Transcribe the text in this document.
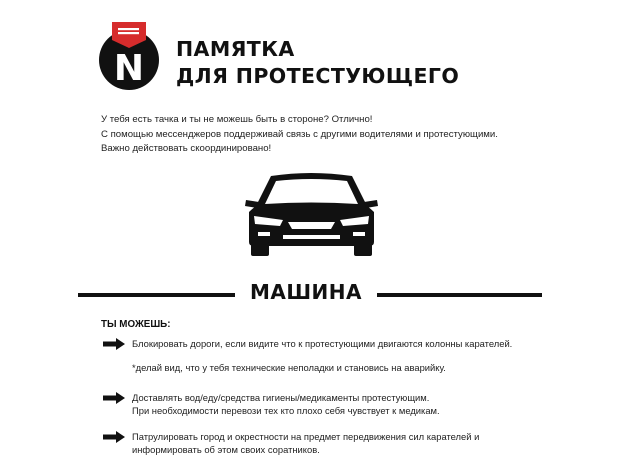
N ПАМЯТКА
ДЛЯ ПРОТЕСТУЮЩЕГО
У тебя есть тачка и ты не можешь быть в стороне? Отлично!
С помощью мессенджеров поддерживай связь с другими водителями и протестующими.
Важно действовать скоординировано!
МАШИНА
ТЫ МОЖЕШЬ:
Блокировать дороги, если видите что к протестующими двигаются колонны карателей.
*делай вид, что у тебя технические неполадки и становись на аварийку.
Доставлять вод/еду/средства гигиены/медикаменты протестующим.
При необходимости перевози тех кто плохо себя чувствует к медикам.
Патрулировать город и окрестности на предмет передвижения сил карателей и
информировать об этом своих соратников.
